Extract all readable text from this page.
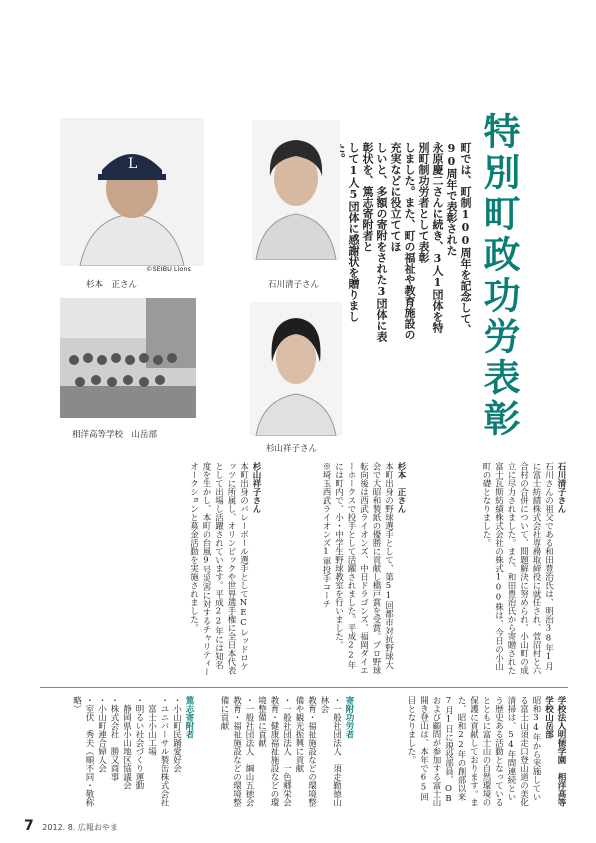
特別町政功労表彰
町では、町制100周年を記念して、90周年で表彰された
永原慶二さんに続き、3人1団体を特別町制功労者として表彰
しました。また、町の福祉や教育施設の充実などに役立ててほ
しいと、多額の寄附をされた3団体に表彰状を、篤志寄附者と
して1人5団体に感謝状を贈りまし
L
杉本　正さん
©SEIBU Lions
石川清子さん
相洋高等学校　山岳部
杉山祥子さん

石川清子さん

石川さんの祖父である和田豊治氏は、明治38年1月に富士紡績株式会社専務取締役に就任され、菅沼村と六合村の合併について、問題解決に努められ、小山町の成立に尽力されました。また、和田豊治氏から寄贈された富士瓦斯紡績株式会社の株式100株は、今日の小山町の礎となりました。

杉本　正さん

本町出身の野球選手として、第51回都市対抗野球大会で大昭和製紙の優勝に貢献し橋戸賞を受賞。プロ野球転向後は西武ライオンズ、中日ドラゴンズ、福岡ダイエーホークスで投手として活躍されました。平成22年には町内で、小・中学生野球教室を行いました。

※埼玉西武ライオンズ1軍投手コーチ

杉山祥子さん

本町出身のバレーボール選手としてNECレッドロケッツに所属し、オリンピックや世界選手権に全日本代表として出場し活躍されています。平成22年には知名度を生かし、本町の台風9号災害に対するチャリティーオークションと募金活動を実施されました。

学校法人明徳学園　相洋高等学校山岳部

昭和34年から実施している富士山須走口登山道の美化清掃は、54年間連続という歴史ある活動となっているとともに富士山の自然環境の保護に貢献しております。また、昭和22年の創部以来7月1日に現役部員、OBおよび顧問が参加する富士山開き登山は、本年で65回目となりました。

寄附功労者

・一般社団法人　須走勤徳山林会

教育・福祉施設などの環境整備や観光振興に貢献

・一般社団法人　一色郷栄会

教育・健康福祉施設などの環境整備に貢献

・一般社団法人　綱山五徳会

教育・福祉施設などの環境整備に貢献

篤志寄附者

・小山町民踊愛好会

・ユニバーサル製缶株式会社

　富士小山工場

・明るい社会づくり運動

　静岡県小山地区協議会

・株式会社　勝又商事

・小山町連合婦人会

・室伏　秀夫（順不同・敬称略）

7 2012. 8. 広報おやま
